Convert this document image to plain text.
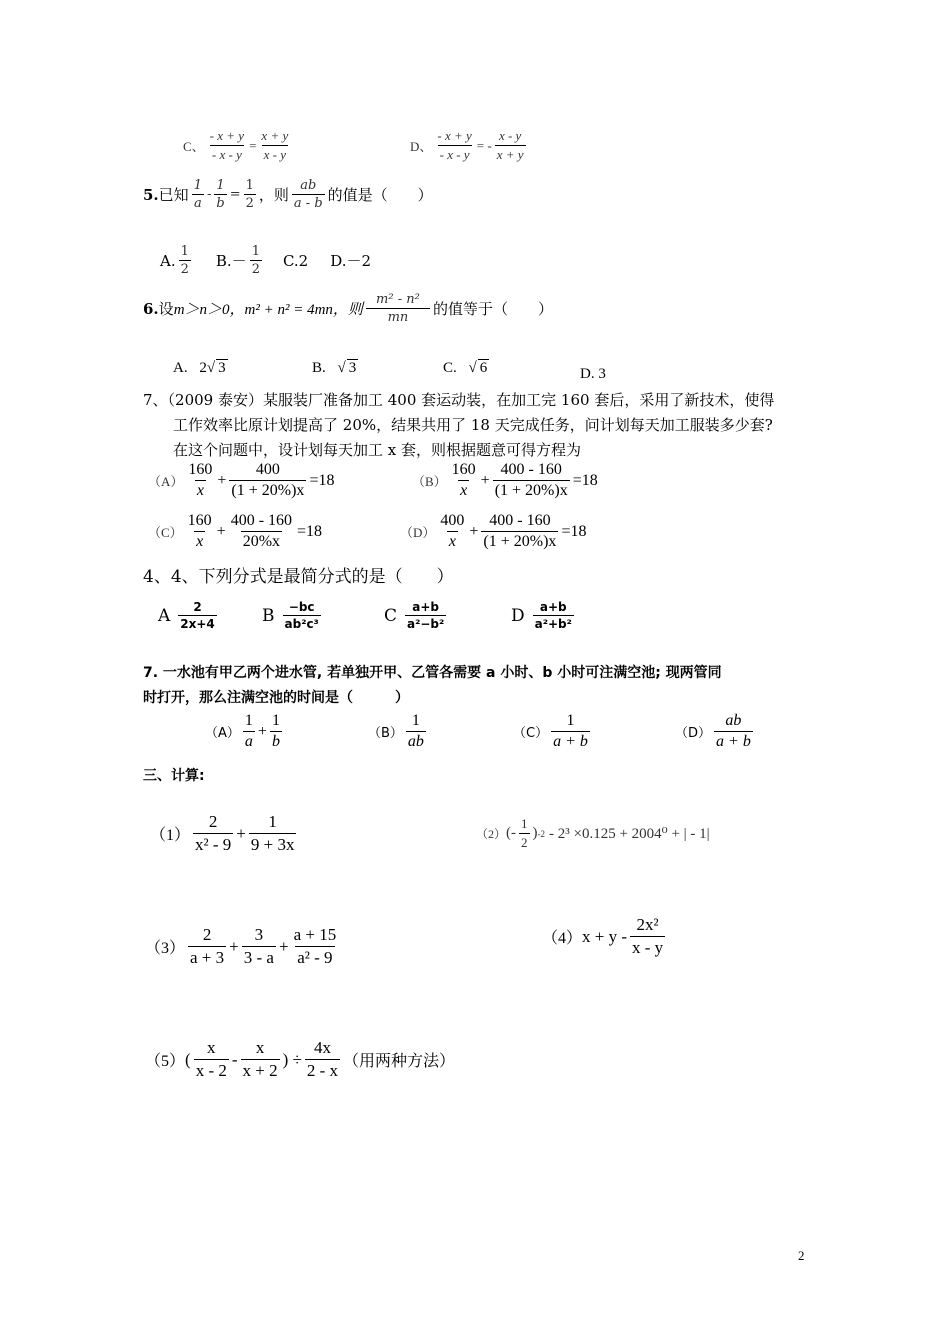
C、 $\frac{- x + y}{- x - y} = \frac{x + y}{x - y}$	D、 $\frac{- x + y}{- x - y}$ = - $\frac{x - y}{x + y}$
5. 已知 $\frac{1}{a} - \frac{1}{b} = \frac{1}{2}$ ，则 $\frac{ab}{a - b}$ 的值是（　　）
A. $\frac{1}{2} B.- \frac{1}{2} C.2$ D.－2
6. 设 m＞n＞0，m² + n² = 4mn，则 $\frac{\text{m² - n²}}{mn}$ 的值等于（　　）
A. 2√ 3	B. √ 3	C. √ 6	D. 3
7、（2009 泰安）某服装厂准备加工 400 套运动装，在加工完 160 套后，采用了新技术，使得
工作效率比原计划提高了 20%，结果共用了 18 天完成任务，问计划每天加工服装多少套?
在这个问题中，设计划每天加工 x 套，则根据题意可得方程为
$(A) \frac{160}{x} + \frac{400}{(1 + 20\%)x} =18$	$(B) \frac{160}{x} + \frac{400 - 160}{(1 + 20\%)x} =18$
$(C) \frac{160}{x} + \frac{400 - 160}{20\%x} =18$	$(D) \frac{400}{x} + \frac{400 - 160}{(1 + 20\%)x} =18$
4、4、下列分式是最简分式的是（　　）
A $\frac{2}{2x+4}$	B $\frac{-bc}{\text{ab²c³}}$	C $\frac{a+b}{\text{a²−b²}}$	D $\frac{a+b}{\text{a²+b²}}$
7. 一水池有甲乙两个进水管, 若单独开甲、乙管各需要 a 小时、b 小时可注满空池; 现两管同
时打开，那么注满空池的时间是（　　　）
$(A) \frac{1}{a} + \frac{1}{b}$	$(B) \frac{1}{ab}$	$(C) \frac{1}{a + b}$	$(D) \frac{ab}{a + b}$
三、计算:
$(1) \frac{2}{\text{x² - 9}} + \frac{1}{9 + 3x}$	（2） (- $\frac{1}{2}$ ) -2 - 2³ ×0.125 + 2004⁰ + | - 1|
$(3) \frac{2}{a + 3} + \frac{3}{3 - a} + \frac{a + 15}{\text{a² - 9}}$	（4） $x + y - \frac{\text{2x²}}{x - y}$
（5） ( $\frac{x}{x - 2} - \frac{x}{x + 2}$ ) ÷ $\frac{4x}{2 - x}$ （用两种方法）
2
